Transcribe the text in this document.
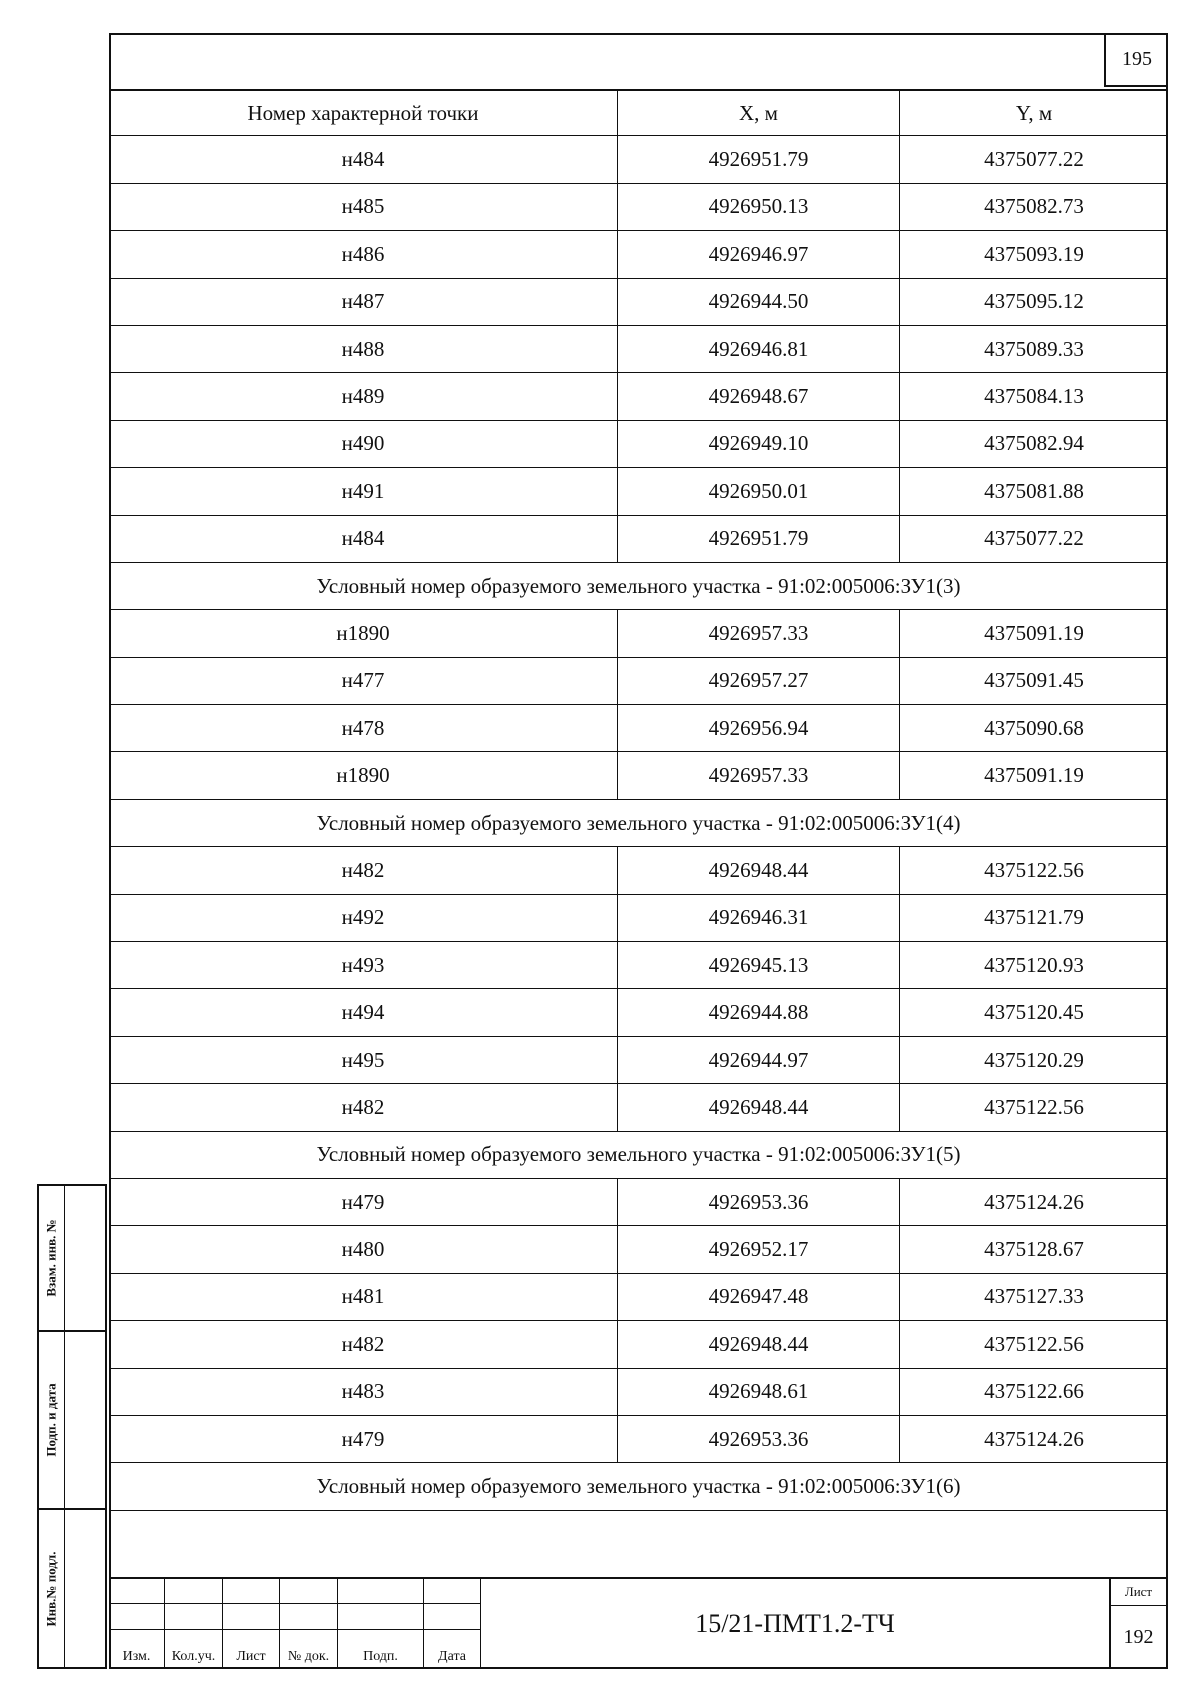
195
Номер характерной точки	X, м	Y, м
н484	4926951.79	4375077.22
н485	4926950.13	4375082.73
н486	4926946.97	4375093.19
н487	4926944.50	4375095.12
н488	4926946.81	4375089.33
н489	4926948.67	4375084.13
н490	4926949.10	4375082.94
н491	4926950.01	4375081.88
н484	4926951.79	4375077.22
Условный номер образуемого земельного участка - 91:02:005006:ЗУ1(3)
н1890	4926957.33	4375091.19
н477	4926957.27	4375091.45
н478	4926956.94	4375090.68
н1890	4926957.33	4375091.19
Условный номер образуемого земельного участка - 91:02:005006:ЗУ1(4)
н482	4926948.44	4375122.56
н492	4926946.31	4375121.79
н493	4926945.13	4375120.93
н494	4926944.88	4375120.45
н495	4926944.97	4375120.29
н482	4926948.44	4375122.56
Условный номер образуемого земельного участка - 91:02:005006:ЗУ1(5)
н479	4926953.36	4375124.26
н480	4926952.17	4375128.67
н481	4926947.48	4375127.33
н482	4926948.44	4375122.56
н483	4926948.61	4375122.66
н479	4926953.36	4375124.26
Условный номер образуемого земельного участка - 91:02:005006:ЗУ1(6)
Взам. инв. №
Подп. и дата
Инв.№ подл.
Изм.	Кол.уч.	Лист	№ док.	Подп.	Дата
15/21-ПМТ1.2-ТЧ
Лист
192
